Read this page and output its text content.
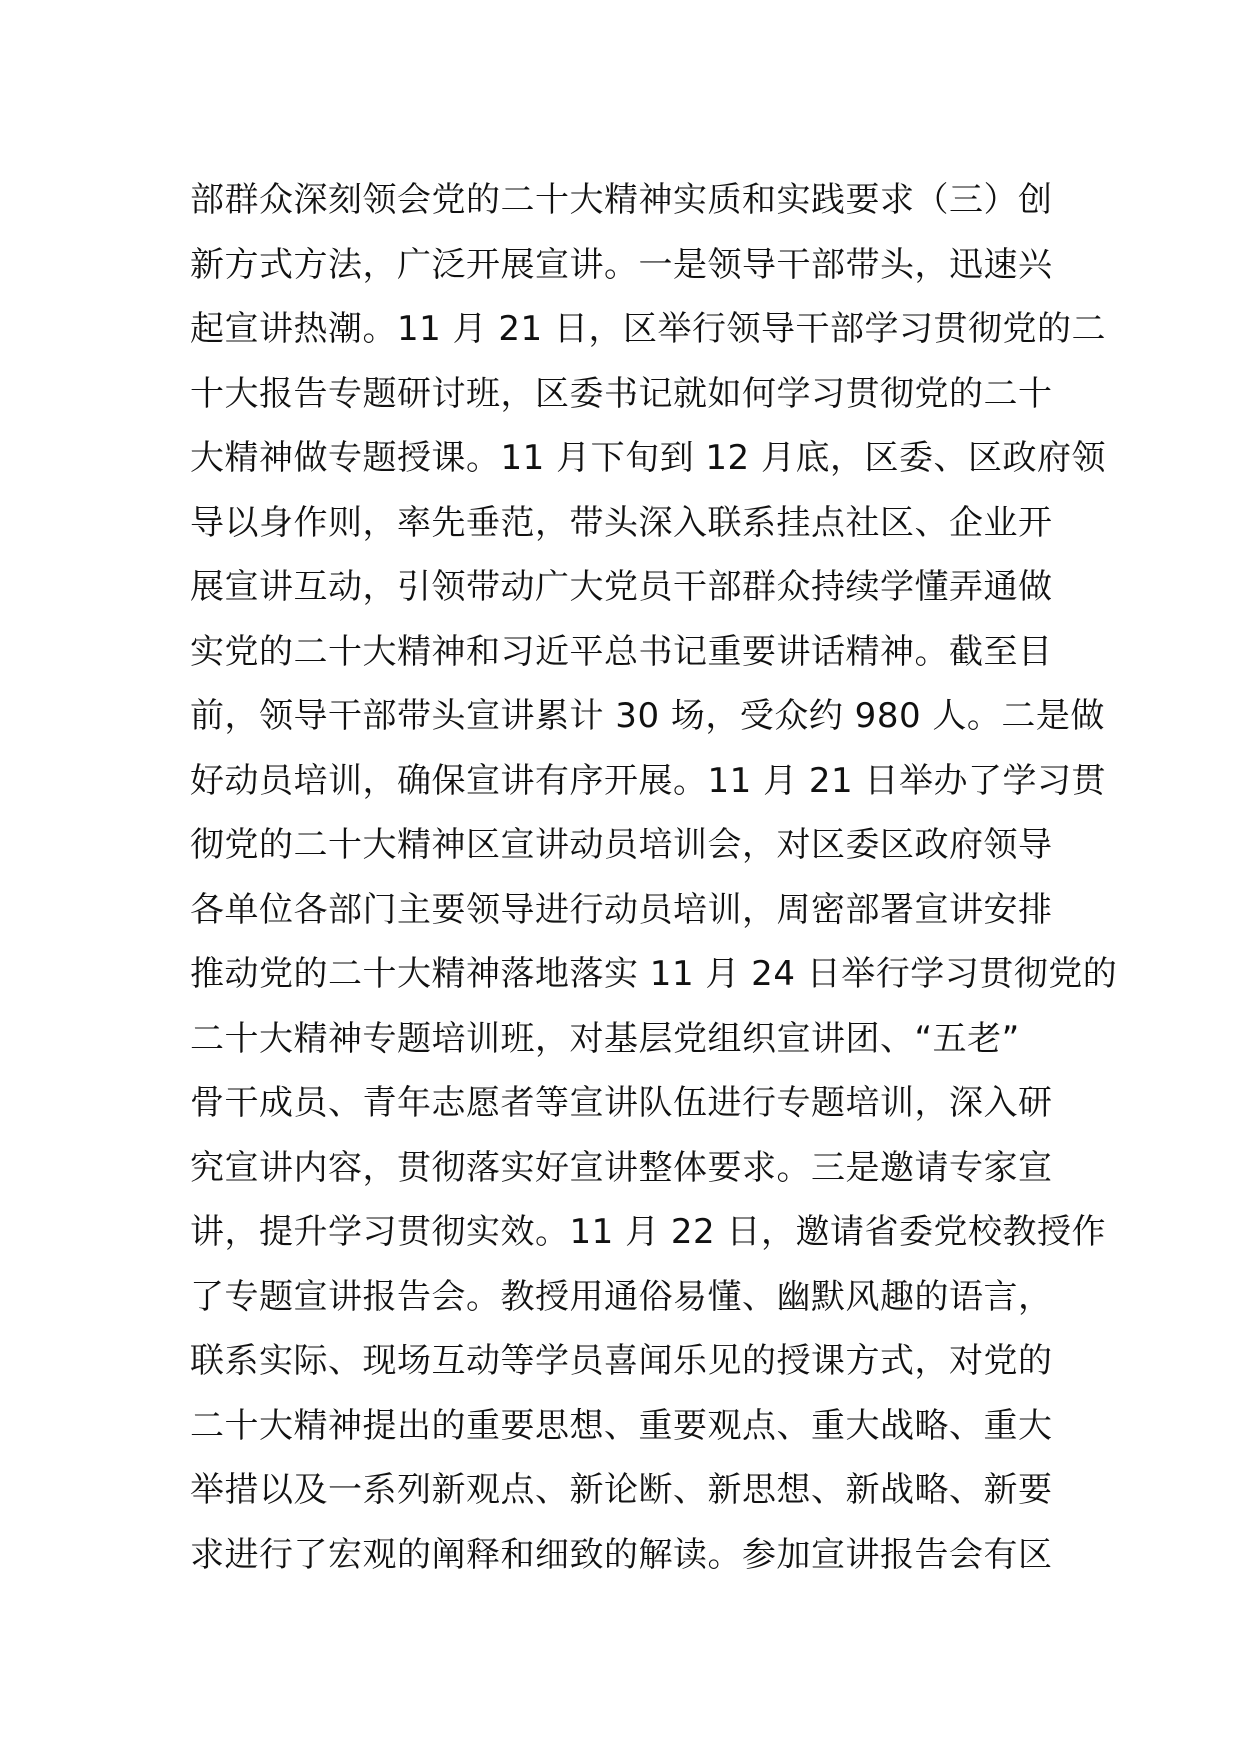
部群众深刻领会党的二十大精神实质和实践要求（三）创
新方式方法，广泛开展宣讲。一是领导干部带头，迅速兴
起宣讲热潮。11 月 21 日，区举行领导干部学习贯彻党的二
十大报告专题研讨班，区委书记就如何学习贯彻党的二十
大精神做专题授课。11 月下旬到 12 月底，区委、区政府领
导以身作则，率先垂范，带头深入联系挂点社区、企业开
展宣讲互动，引领带动广大党员干部群众持续学懂弄通做
实党的二十大精神和习近平总书记重要讲话精神。截至目
前，领导干部带头宣讲累计 30 场，受众约 980 人。二是做
好动员培训，确保宣讲有序开展。11 月 21 日举办了学习贯
彻党的二十大精神区宣讲动员培训会，对区委区政府领导
各单位各部门主要领导进行动员培训，周密部署宣讲安排
推动党的二十大精神落地落实 11 月 24 日举行学习贯彻党的
二十大精神专题培训班，对基层党组织宣讲团、“五老”
骨干成员、青年志愿者等宣讲队伍进行专题培训，深入研
究宣讲内容，贯彻落实好宣讲整体要求。三是邀请专家宣
讲，提升学习贯彻实效。11 月 22 日，邀请省委党校教授作
了专题宣讲报告会。教授用通俗易懂、幽默风趣的语言，
联系实际、现场互动等学员喜闻乐见的授课方式，对党的
二十大精神提出的重要思想、重要观点、重大战略、重大
举措以及一系列新观点、新论断、新思想、新战略、新要
求进行了宏观的阐释和细致的解读。参加宣讲报告会有区
